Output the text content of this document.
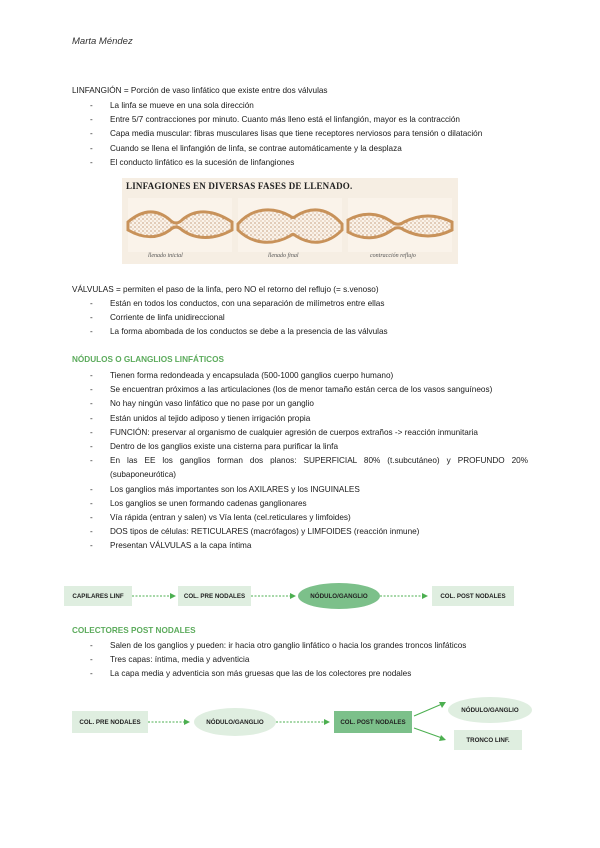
Marta Méndez
LINFANGIÓN = Porción de vaso linfático que existe entre dos válvulas
- La linfa se mueve en una sola dirección
- Entre 5/7 contracciones por minuto. Cuanto más lleno está el linfangión, mayor es la contracción
- Capa media muscular: fibras musculares lisas que tiene receptores nerviosos para tensión o dilatación
- Cuando se llena el linfangión de linfa, se contrae automáticamente y la desplaza
- El conducto linfático es la sucesión de linfangiones
LINFAGIONES EN DIVERSAS FASES DE LLENADO.
llenado inicial	llenado final	contracción reflujo
VÁLVULAS = permiten el paso de la linfa, pero NO el retorno del reflujo (= s.venoso)
- Están en todos los conductos, con una separación de milímetros entre ellas
- Corriente de linfa unidireccional
- La forma abombada de los conductos se debe a la presencia de las válvulas
NÓDULOS O GLANGLIOS LINFÁTICOS
- Tienen forma redondeada y encapsulada (500-1000 ganglios cuerpo humano)
- Se encuentran próximos a las articulaciones (los de menor tamaño están cerca de los vasos sanguíneos)
- No hay ningún vaso linfático que no pase por un ganglio
- Están unidos al tejido adiposo y tienen irrigación propia
- FUNCIÓN: preservar al organismo de cualquier agresión de cuerpos extraños -> reacción inmunitaria
- Dentro de los ganglios existe una cisterna para purificar la linfa
- En las EE los ganglios forman dos planos: SUPERFICIAL 80% (t.subcutáneo) y PROFUNDO 20% (subaponeurótica)
- Los ganglios más importantes son los AXILARES y los INGUINALES
- Los ganglios se unen formando cadenas ganglionares
- Vía rápida (entran y salen) vs Vía lenta (cel.reticulares y limfoides)
- DOS tipos de células: RETICULARES (macrófagos) y LIMFOIDES (reacción inmune)
- Presentan VÁLVULAS a la capa íntima
CAPILARES LINF	COL. PRE NODALES	NÓDULO/GANGLIO	COL. POST NODALES
COLECTORES POST NODALES
- Salen de los ganglios y pueden: ir hacia otro ganglio linfático o hacia los grandes troncos linfáticos
- Tres capas: íntima, media y adventicia
- La capa media y adventicia son más gruesas que las de los colectores pre nodales
COL. PRE NODALES	NÓDULO/GANGLIO	COL. POST NODALES
NÓDULO/GANGLIO
TRONCO LINF.
